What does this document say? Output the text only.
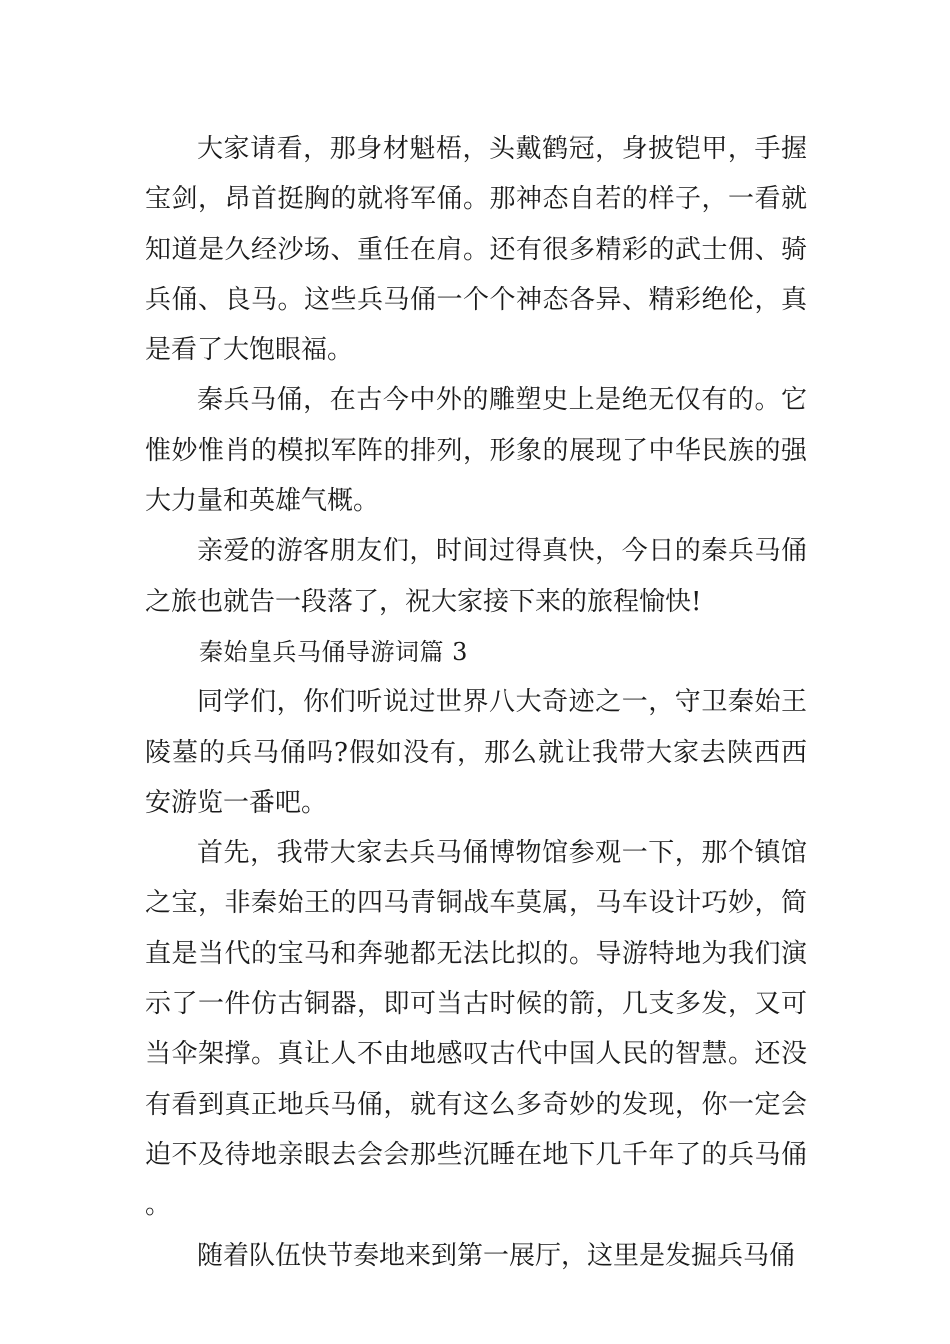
大家请看，那身材魁梧，头戴鹤冠，身披铠甲，手握宝剑，昂首挺胸的就将军俑。那神态自若的样子，一看就知道是久经沙场、重任在肩。还有很多精彩的武士佣、骑兵俑、良马。这些兵马俑一个个神态各异、精彩绝伦，真是看了大饱眼福。

秦兵马俑，在古今中外的雕塑史上是绝无仅有的。它惟妙惟肖的模拟军阵的排列，形象的展现了中华民族的强大力量和英雄气概。

亲爱的游客朋友们，时间过得真快，今日的秦兵马俑之旅也就告一段落了，祝大家接下来的旅程愉快!

秦始皇兵马俑导游词篇 3

同学们，你们听说过世界八大奇迹之一，守卫秦始王陵墓的兵马俑吗?假如没有，那么就让我带大家去陕西西安游览一番吧。

首先，我带大家去兵马俑博物馆参观一下，那个镇馆之宝，非秦始王的四马青铜战车莫属，马车设计巧妙，简直是当代的宝马和奔驰都无法比拟的。导游特地为我们演示了一件仿古铜器，即可当古时候的箭，几支多发，又可当伞架撑。真让人不由地感叹古代中国人民的智慧。还没有看到真正地兵马俑，就有这么多奇妙的发现，你一定会迫不及待地亲眼去会会那些沉睡在地下几千年了的兵马俑。

随着队伍快节奏地来到第一展厅，这里是发掘兵马俑
